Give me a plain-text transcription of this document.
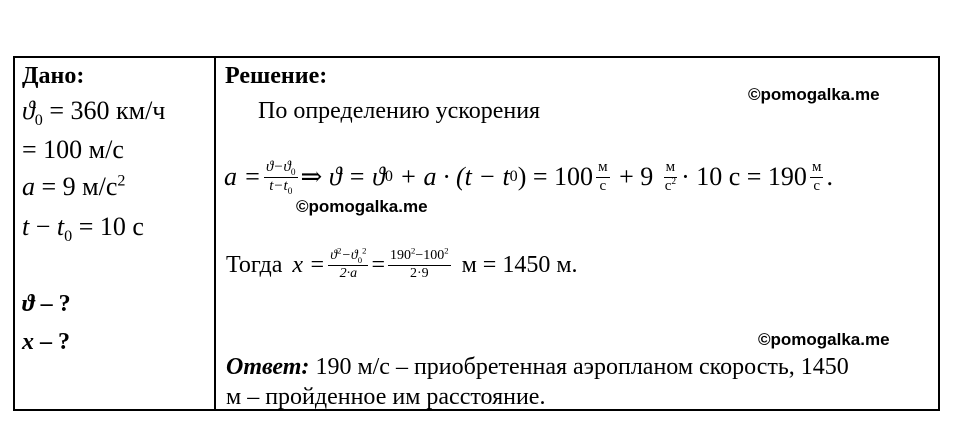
Дано:
$ϑ_0 = 360$ км/ч
= 100 м/с
a = 9 $м/с^2$
$t - t_0 = 10$ с
ϑ – ?
x – ?
Решение:
По определению ускорения
©pomogalka.me
$a = \frac{ϑ-ϑ_0}{t-t_0}$ ⇒ ϑ = ϑ 0 + a · (t − t 0 ) = $100 \frac{м}{с} + 9 \frac{м}{с^2} \cdot 10$ $с = 190 \frac{м}{с}$ .
©pomogalka.me
Тогда $x = \frac{ϑ^2-ϑ_0^2}{2\cdot a} = \frac{190^2-100^2}{2\cdot 9}$ м = 1450 м.
©pomogalka.me
Ответ: 190 м/с – приобретенная аэропланом скорость, 1450
м – пройденное им расстояние.
